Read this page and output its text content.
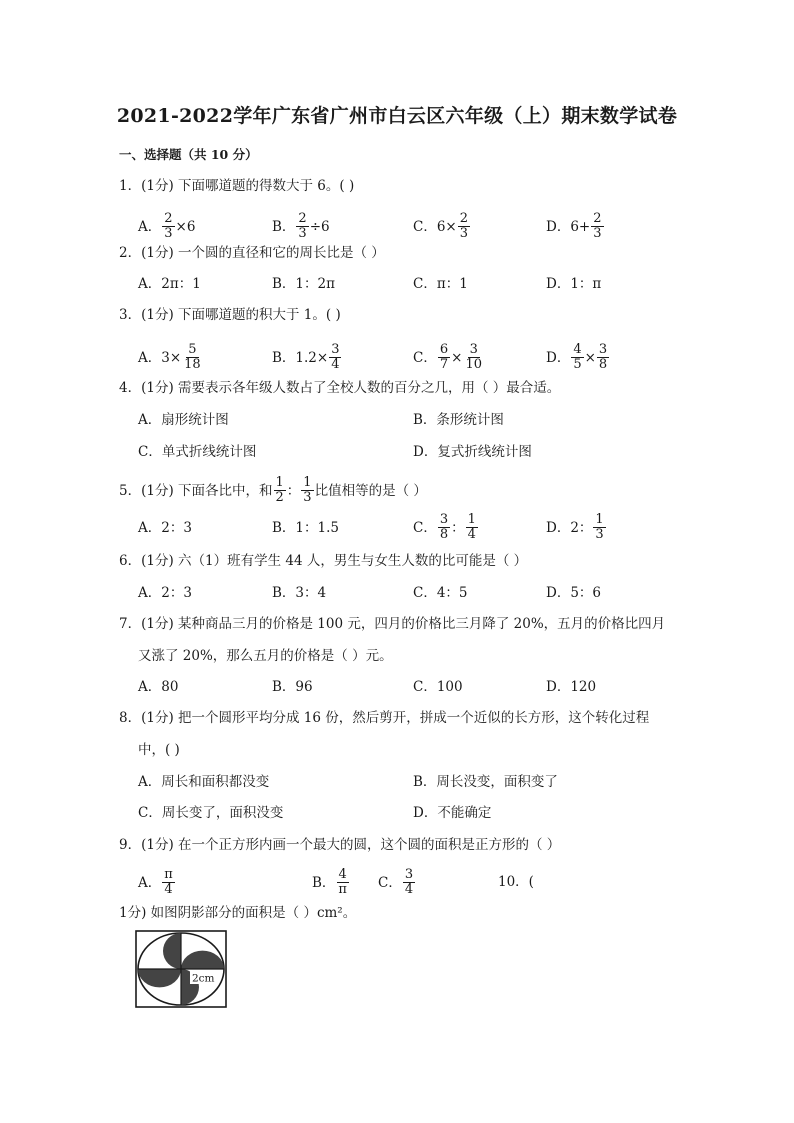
2021-2022学年广东省广州市白云区六年级（上）期末数学试卷
一、选择题（共 10 分）
1．(1分) 下面哪道题的得数大于 6。( )
A． $\frac{2}{3} \times 6$	B． $\frac{2}{3} \div 6$	C．$6\times \frac{2}{3}$	D．$6+ \frac{2}{3}$
2．(1分) 一个圆的直径和它的周长比是（ ）
A．2π：1	B．1：2π	C．π：1	D．1：π
3．(1分) 下面哪道题的积大于 1。( )
A．$3\times \frac{5}{18}$	B．$1.2\times \frac{3}{4}$	C． $\frac{6}{7} \times \frac{3}{10}$	D． $\frac{4}{5} \times \frac{3}{8}$
4．(1分) 需要表示各年级人数占了全校人数的百分之几，用（ ）最合适。
A．扇形统计图	B．条形统计图
C．单式折线统计图	D．复式折线统计图
5．(1分) 下面各比中，和 $\frac{1}{2}$ ： $\frac{1}{3}$ 比值相等的是（ ）
A．2：3	B．1：1.5	C． $\frac{3}{8}$ ： $\frac{1}{4}$	D．2： $\frac{1}{3}$
6．(1分) 六（1）班有学生 44 人，男生与女生人数的比可能是（ ）
A．2：3	B．3：4	C．4：5	D．5：6
7．(1分) 某种商品三月的价格是 100 元，四月的价格比三月降了 20%，五月的价格比四月
又涨了 20%，那么五月的价格是（ ）元。
A．80	B．96	C．100	D．120
8．(1分) 把一个圆形平均分成 16 份，然后剪开，拼成一个近似的长方形，这个转化过程
中，( )
A．周长和面积都没变	B．周长没变，面积变了
C．周长变了，面积没变	D．不能确定
9．(1分) 在一个正方形内画一个最大的圆，这个圆的面积是正方形的（ ）
A． $\frac{\pi}{4}$	B． $\frac{4}{\pi}$ C． $\frac{3}{4}$	10．(
1分) 如图阴影部分的面积是（ ）cm²。
2cm
